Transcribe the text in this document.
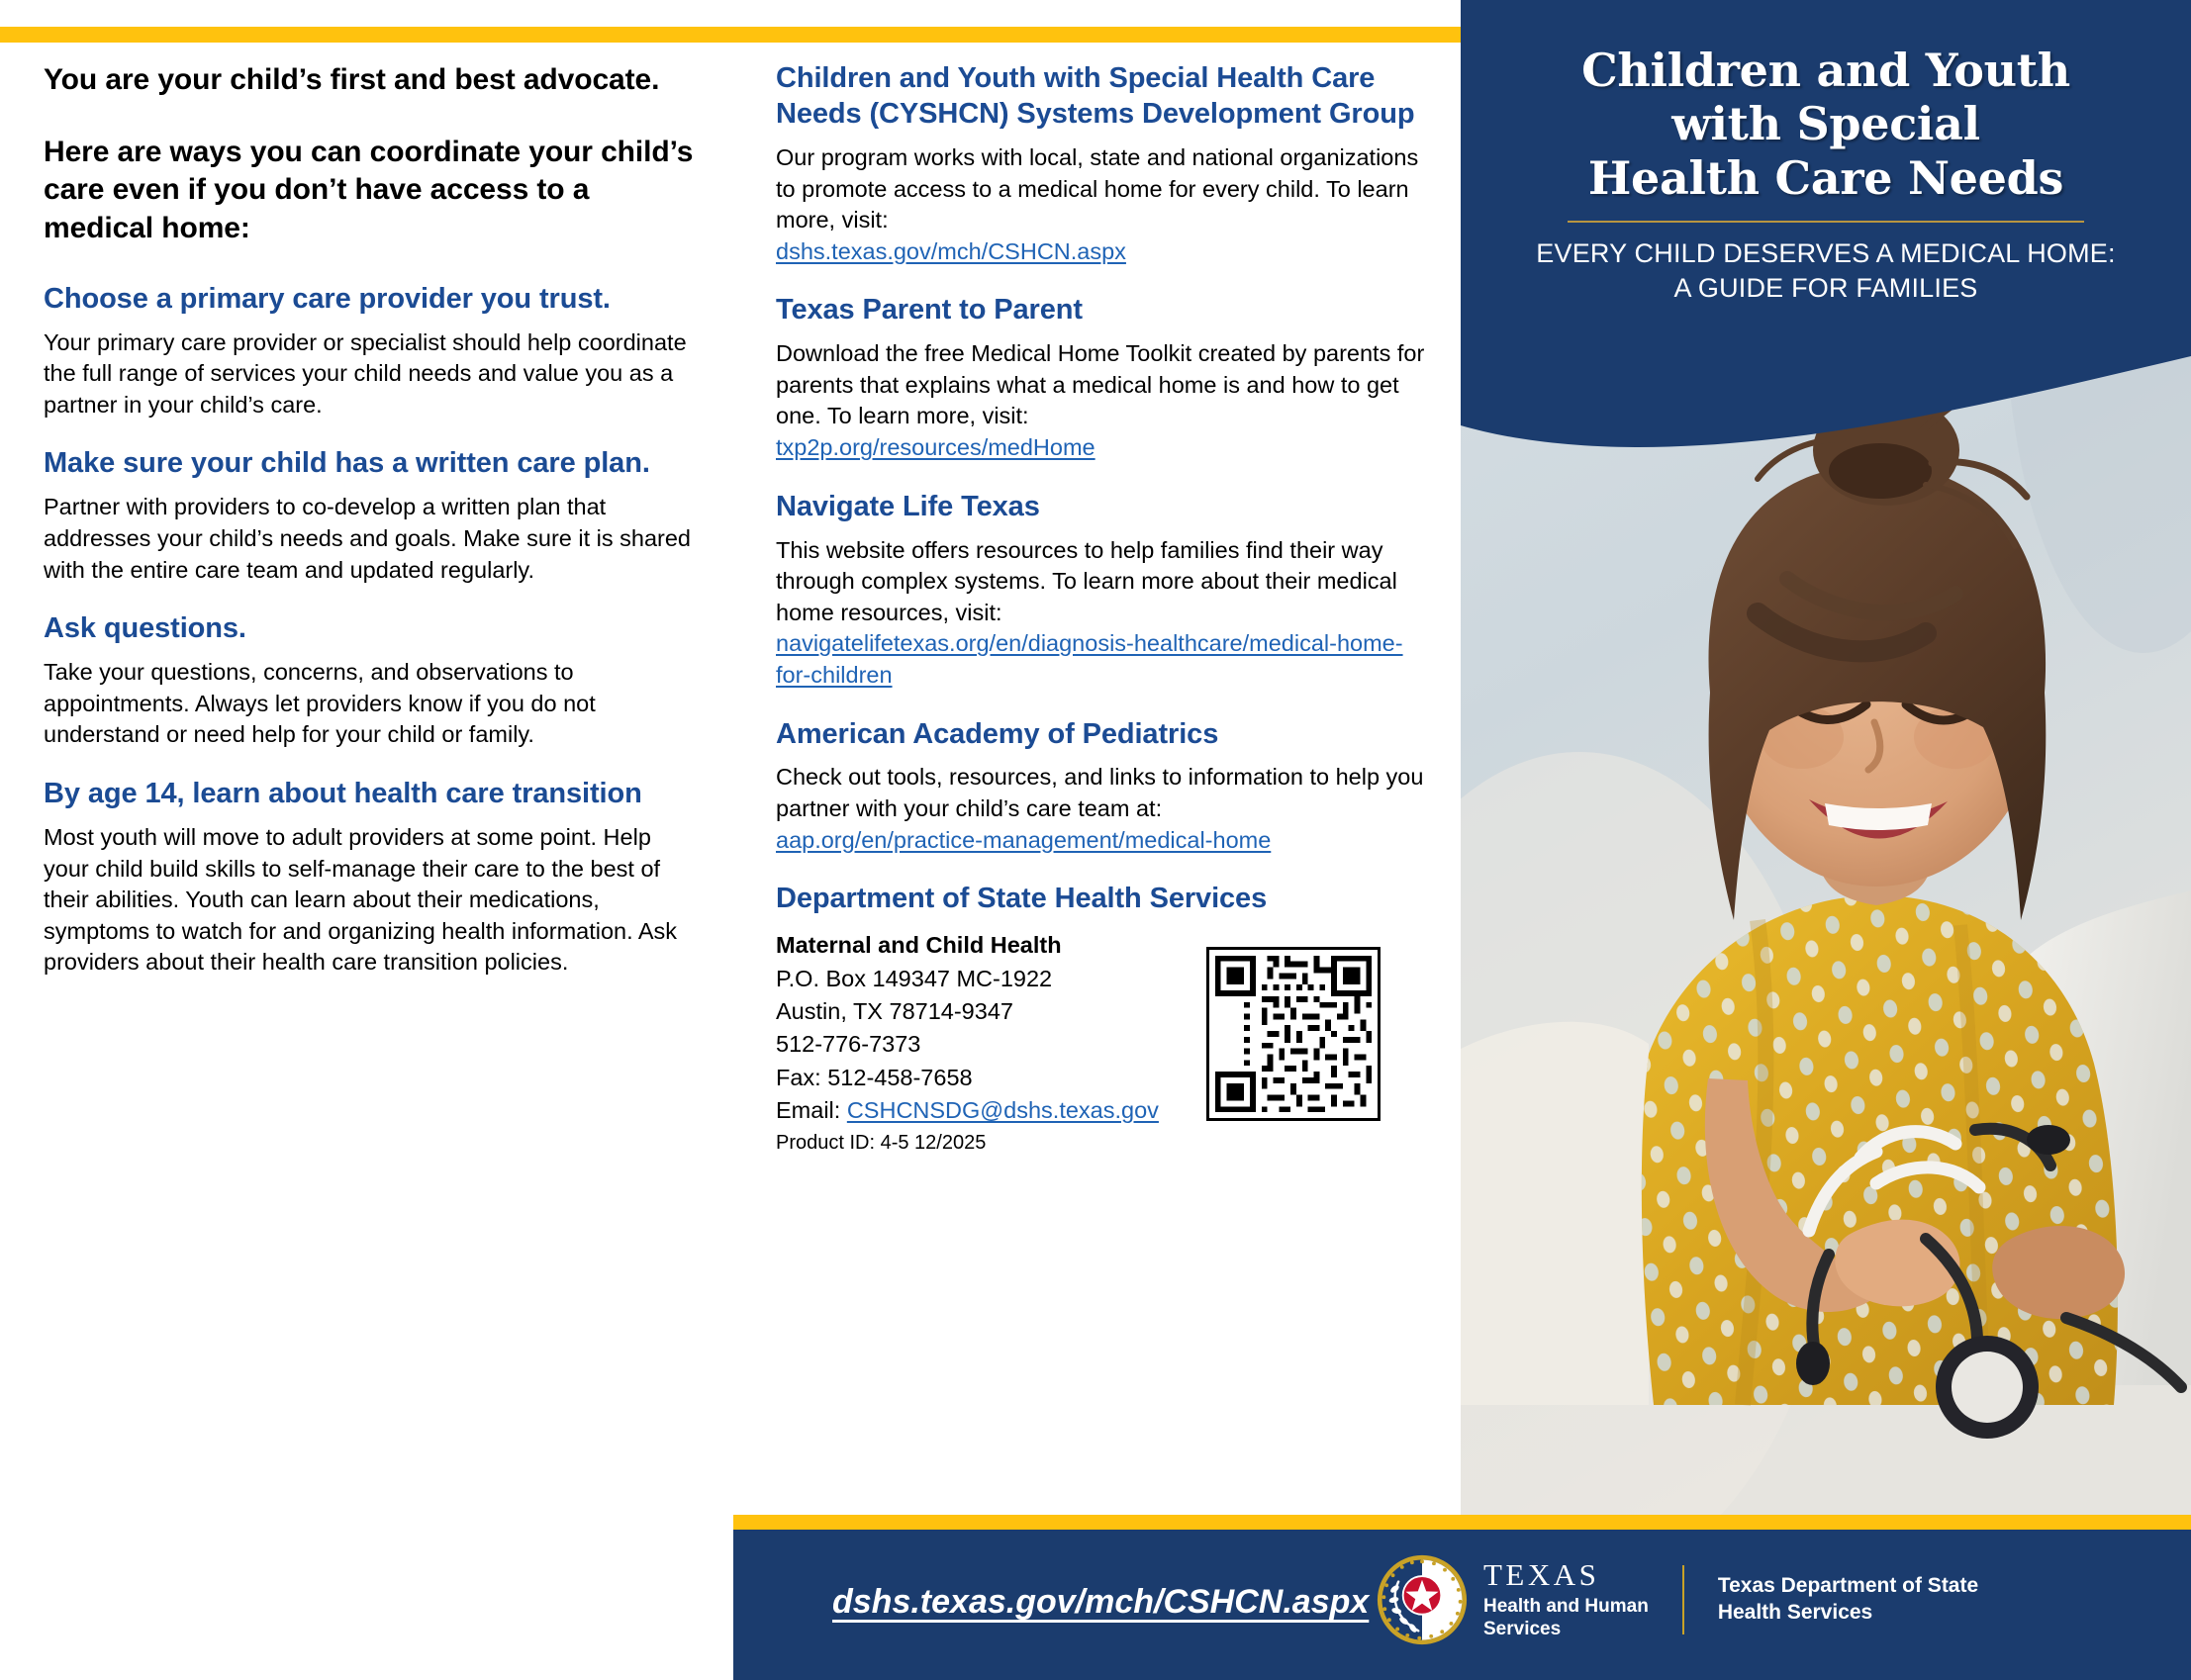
You are your child’s first and best advocate.
Here are ways you can coordinate your child’s care even if you don’t have access to a medical home:
Choose a primary care provider you trust.

Your primary care provider or specialist should help coordinate the full range of services your child needs and value you as a partner in your child’s care.

Make sure your child has a written care plan.

Partner with providers to co-develop a written plan that addresses your child’s needs and goals. Make sure it is shared with the entire care team and updated regularly.

Ask questions.

Take your questions, concerns, and observations to appointments. Always let providers know if you do not understand or need help for your child or family.

By age 14, learn about health care transition

Most youth will move to adult providers at some point. Help your child build skills to self-manage their care to the best of their abilities. Youth can learn about their medications, symptoms to watch for and organizing health information. Ask providers about their health care transition policies.

Children and Youth with Special Health Care Needs (CYSHCN) Systems Development Group

Our program works with local, state and national organizations to promote access to a medical home for every child. To learn more, visit:
dshs.texas.gov/mch/CSHCN.aspx

Texas Parent to Parent

Download the free Medical Home Toolkit created by parents for parents that explains what a medical home is and how to get one. To learn more, visit:
txp2p.org/resources/medHome

Navigate Life Texas

This website offers resources to help families find their way through complex systems. To learn more about their medical home resources, visit:
navigatelifetexas.org/en/diagnosis-healthcare/medical-home-for-children

American Academy of Pediatrics

Check out tools, resources, and links to information to help you partner with your child’s care team at:
aap.org/en/practice-management/medical-home

Department of State Health Services
Maternal and Child Health
P.O. Box 149347 MC-1922
Austin, TX 78714-9347
512-776-7373
Fax: 512-458-7658
Email: CSHCNSDG@dshs.texas.gov
Product ID: 4-5 12/2025
Children and Youth
with Special
Health Care Needs

EVERY CHILD DESERVES A MEDICAL HOME:
A GUIDE FOR FAMILIES

dshs.texas.gov/mch/CSHCN.aspx
TEXAS
Health and Human
Services
Texas Department of State
Health Services
